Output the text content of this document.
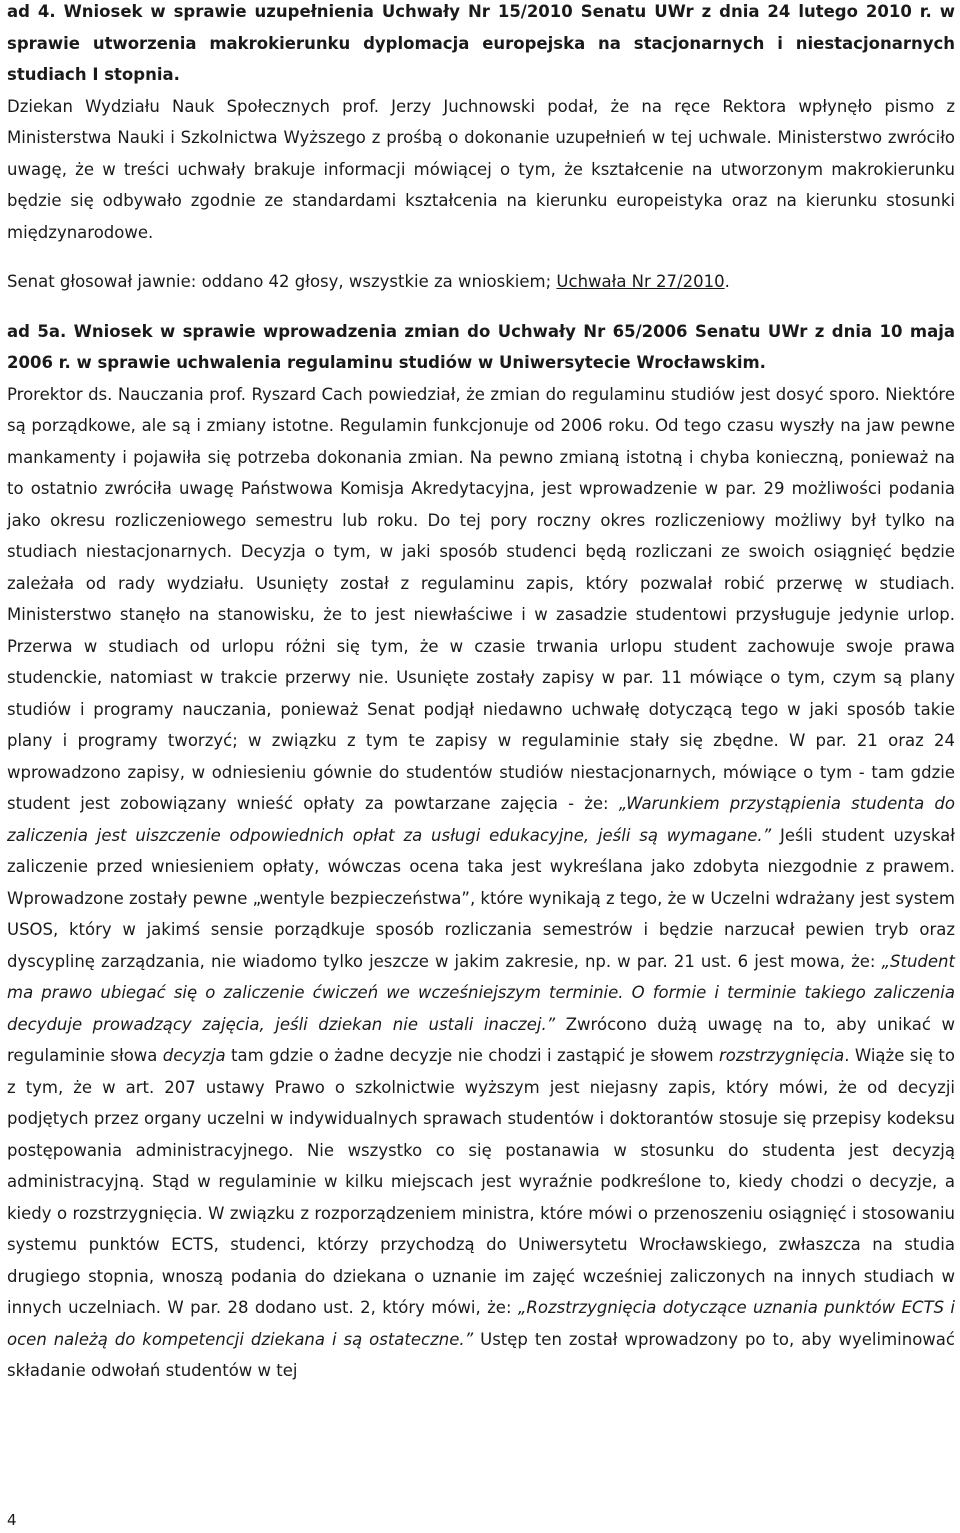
ad 4. Wniosek w sprawie uzupełnienia Uchwały Nr 15/2010 Senatu UWr z dnia 24 lutego 2010 r. w sprawie utworzenia makrokierunku dyplomacja europejska na stacjonarnych i niestacjonarnych studiach I stopnia.
Dziekan Wydziału Nauk Społecznych prof. Jerzy Juchnowski podał, że na ręce Rektora wpłynęło pismo z Ministerstwa Nauki i Szkolnictwa Wyższego z prośbą o dokonanie uzupełnień w tej uchwale. Ministerstwo zwróciło uwagę, że w treści uchwały brakuje informacji mówiącej o tym, że kształcenie na utworzonym makrokierunku będzie się odbywało zgodnie ze standardami kształcenia na kierunku europeistyka oraz na kierunku stosunki międzynarodowe.

Senat głosował jawnie: oddano 42 głosy, wszystkie za wnioskiem; Uchwała Nr 27/2010.

ad 5a. Wniosek w sprawie wprowadzenia zmian do Uchwały Nr 65/2006 Senatu UWr z dnia 10 maja 2006 r. w sprawie uchwalenia regulaminu studiów w Uniwersytecie Wrocławskim.
Prorektor ds. Nauczania prof. Ryszard Cach powiedział, że zmian do regulaminu studiów jest dosyć sporo. Niektóre są porządkowe, ale są i zmiany istotne. Regulamin funkcjonuje od 2006 roku. Od tego czasu wyszły na jaw pewne mankamenty i pojawiła się potrzeba dokonania zmian. Na pewno zmianą istotną i chyba konieczną, ponieważ na to ostatnio zwróciła uwagę Państwowa Komisja Akredytacyjna, jest wprowadzenie w par. 29 możliwości podania jako okresu rozliczeniowego semestru lub roku. Do tej pory roczny okres rozliczeniowy możliwy był tylko na studiach niestacjonarnych. Decyzja o tym, w jaki sposób studenci będą rozliczani ze swoich osiągnięć będzie zależała od rady wydziału. Usunięty został z regulaminu zapis, który pozwalał robić przerwę w studiach. Ministerstwo stanęło na stanowisku, że to jest niewłaściwe i w zasadzie studentowi przysługuje jedynie urlop. Przerwa w studiach od urlopu różni się tym, że w czasie trwania urlopu student zachowuje swoje prawa studenckie, natomiast w trakcie przerwy nie. Usunięte zostały zapisy w par. 11 mówiące o tym, czym są plany studiów i programy nauczania, ponieważ Senat podjął niedawno uchwałę dotyczącą tego w jaki sposób takie plany i programy tworzyć; w związku z tym te zapisy w regulaminie stały się zbędne. W par. 21 oraz 24 wprowadzono zapisy, w odniesieniu gównie do studentów studiów niestacjonarnych, mówiące o tym - tam gdzie student jest zobowiązany wnieść opłaty za powtarzane zajęcia - że: „Warunkiem przystąpienia studenta do zaliczenia jest uiszczenie odpowiednich opłat za usługi edukacyjne, jeśli są wymagane.” Jeśli student uzyskał zaliczenie przed wniesieniem opłaty, wówczas ocena taka jest wykreślana jako zdobyta niezgodnie z prawem. Wprowadzone zostały pewne „wentyle bezpieczeństwa”, które wynikają z tego, że w Uczelni wdrażany jest system USOS, który w jakimś sensie porządkuje sposób rozliczania semestrów i będzie narzucał pewien tryb oraz dyscyplinę zarządzania, nie wiadomo tylko jeszcze w jakim zakresie, np. w par. 21 ust. 6 jest mowa, że: „Student ma prawo ubiegać się o zaliczenie ćwiczeń we wcześniejszym terminie. O formie i terminie takiego zaliczenia decyduje prowadzący zajęcia, jeśli dziekan nie ustali inaczej.” Zwrócono dużą uwagę na to, aby unikać w regulaminie słowa decyzja tam gdzie o żadne decyzje nie chodzi i zastąpić je słowem rozstrzygnięcia. Wiąże się to z tym, że w art. 207 ustawy Prawo o szkolnictwie wyższym jest niejasny zapis, który mówi, że od decyzji podjętych przez organy uczelni w indywidualnych sprawach studentów i doktorantów stosuje się przepisy kodeksu postępowania administracyjnego. Nie wszystko co się postanawia w stosunku do studenta jest decyzją administracyjną. Stąd w regulaminie w kilku miejscach jest wyraźnie podkreślone to, kiedy chodzi o decyzje, a kiedy o rozstrzygnięcia. W związku z rozporządzeniem ministra, które mówi o przenoszeniu osiągnięć i stosowaniu systemu punktów ECTS, studenci, którzy przychodzą do Uniwersytetu Wrocławskiego, zwłaszcza na studia drugiego stopnia, wnoszą podania do dziekana o uznanie im zajęć wcześniej zaliczonych na innych studiach w innych uczelniach. W par. 28 dodano ust. 2, który mówi, że: „Rozstrzygnięcia dotyczące uznania punktów ECTS i ocen należą do kompetencji dziekana i są ostateczne.” Ustęp ten został wprowadzony po to, aby wyeliminować składanie odwołań studentów w tej
4
